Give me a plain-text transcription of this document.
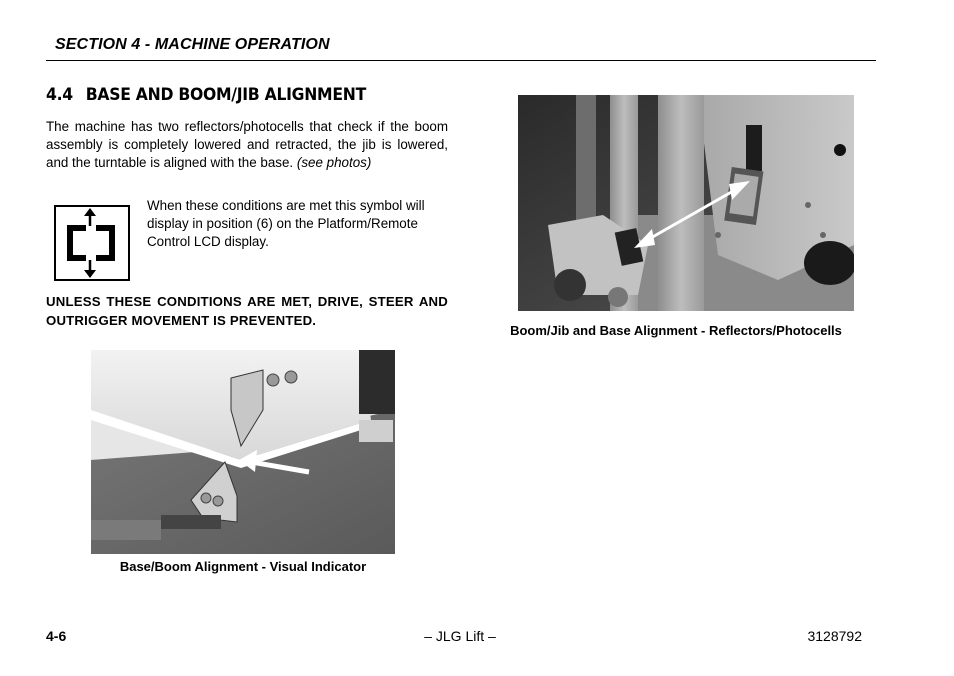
SECTION 4 - MACHINE OPERATION
4.4 BASE AND BOOM/JIB ALIGNMENT
The machine has two reflectors/photocells that check if the boom assembly is completely lowered and retracted, the jib is lowered, and the turntable is aligned with the base. (see photos)
When these conditions are met this symbol will display in position (6) on the Platform/Remote Control LCD display.
UNLESS THESE CONDITIONS ARE MET, DRIVE, STEER AND OUTRIGGER MOVEMENT IS PREVENTED.
Boom/Jib and Base Alignment - Reflectors/Photocells
Base/Boom Alignment - Visual Indicator
4-6	– JLG Lift –	3128792
